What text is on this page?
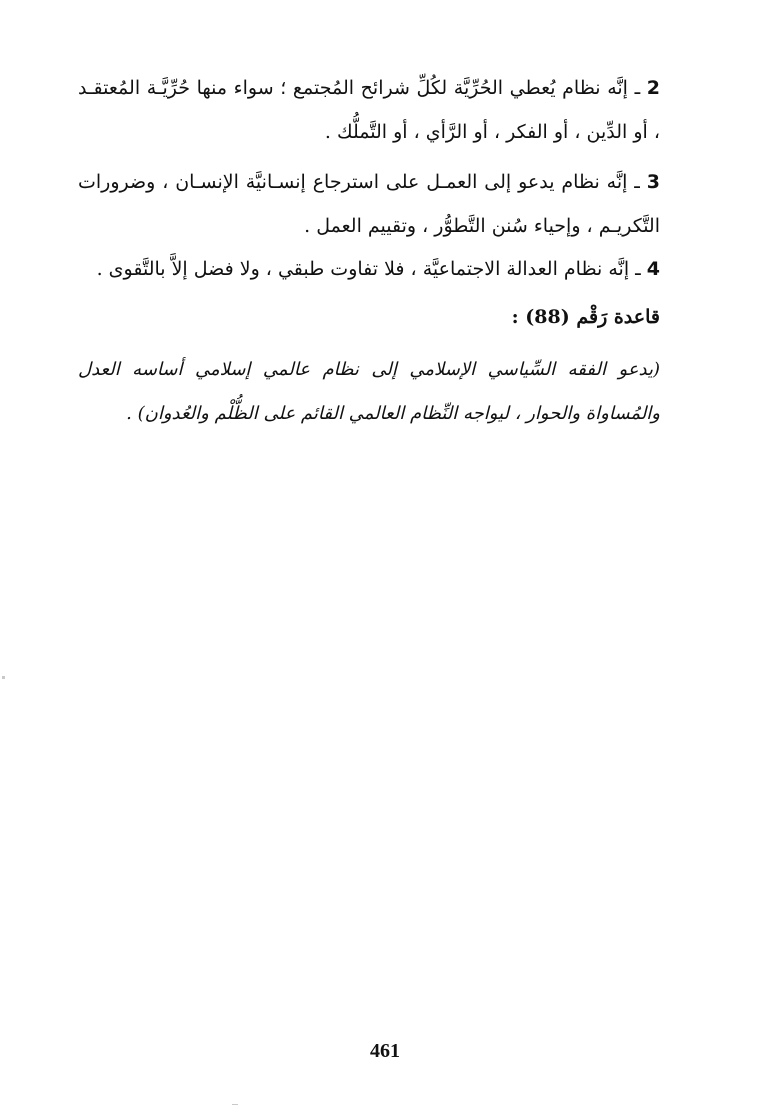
2 ـ إنَّه نظام يُعطي الحُرِّيَّة لكُلِّ شرائح المُجتمع ؛ سواء منها حُرِّيَّـة المُعتقـد ، أو الدِّين ، أو الفكر ، أو الرَّأي ، أو التَّملُّك .

3 ـ إنَّه نظام يدعو إلى العمـل على استرجاع إنسـانيَّة الإنسـان ، وضرورات التَّكريـم ، وإحياء سُنن التَّطوُّر ، وتقييم العمل .

4 ـ إنَّه نظام العدالة الاجتماعيَّة ، فلا تفاوت طبقي ، ولا فضل إلاَّ بالتَّقوى .

قاعدة رَقْم (88) :

(يدعو الفقه السِّياسي الإسلامي إلى نظام عالمي إسلامي أساسه العدل والمُساواة والحوار ، ليواجه النِّظام العالمي القائم على الظُّلْم والعُدوان) .

461
